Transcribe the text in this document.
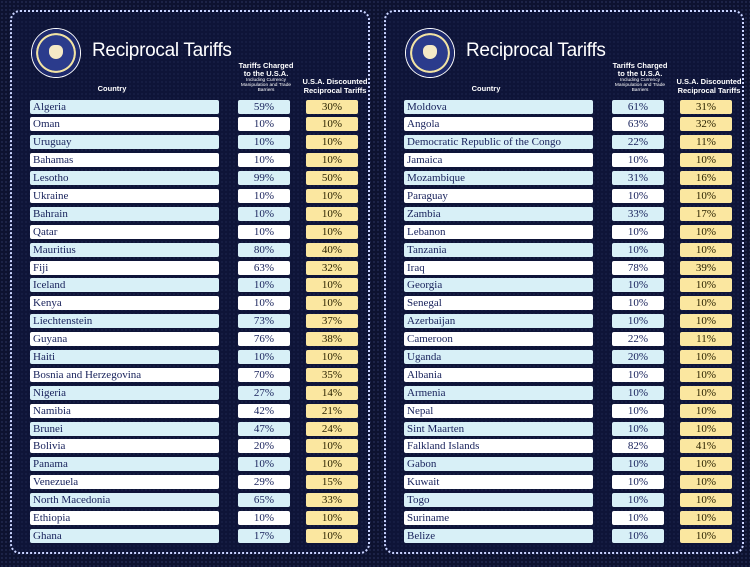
Reciprocal Tariffs
Country
Tariffs Charged to the U.S.A.
Including Currency Manipulation and Trade Barriers
U.S.A. Discounted Reciprocal Tariffs
Algeria	59%	30%
Oman	10%	10%
Uruguay	10%	10%
Bahamas	10%	10%
Lesotho	99%	50%
Ukraine	10%	10%
Bahrain	10%	10%
Qatar	10%	10%
Mauritius	80%	40%
Fiji	63%	32%
Iceland	10%	10%
Kenya	10%	10%
Liechtenstein	73%	37%
Guyana	76%	38%
Haiti	10%	10%
Bosnia and Herzegovina	70%	35%
Nigeria	27%	14%
Namibia	42%	21%
Brunei	47%	24%
Bolivia	20%	10%
Panama	10%	10%
Venezuela	29%	15%
North Macedonia	65%	33%
Ethiopia	10%	10%
Ghana	17%	10%
Reciprocal Tariffs
Country
Tariffs Charged to the U.S.A.
Including Currency Manipulation and Trade Barriers
U.S.A. Discounted Reciprocal Tariffs
Moldova	61%	31%
Angola	63%	32%
Democratic Republic of the Congo	22%	11%
Jamaica	10%	10%
Mozambique	31%	16%
Paraguay	10%	10%
Zambia	33%	17%
Lebanon	10%	10%
Tanzania	10%	10%
Iraq	78%	39%
Georgia	10%	10%
Senegal	10%	10%
Azerbaijan	10%	10%
Cameroon	22%	11%
Uganda	20%	10%
Albania	10%	10%
Armenia	10%	10%
Nepal	10%	10%
Sint Maarten	10%	10%
Falkland Islands	82%	41%
Gabon	10%	10%
Kuwait	10%	10%
Togo	10%	10%
Suriname	10%	10%
Belize	10%	10%
